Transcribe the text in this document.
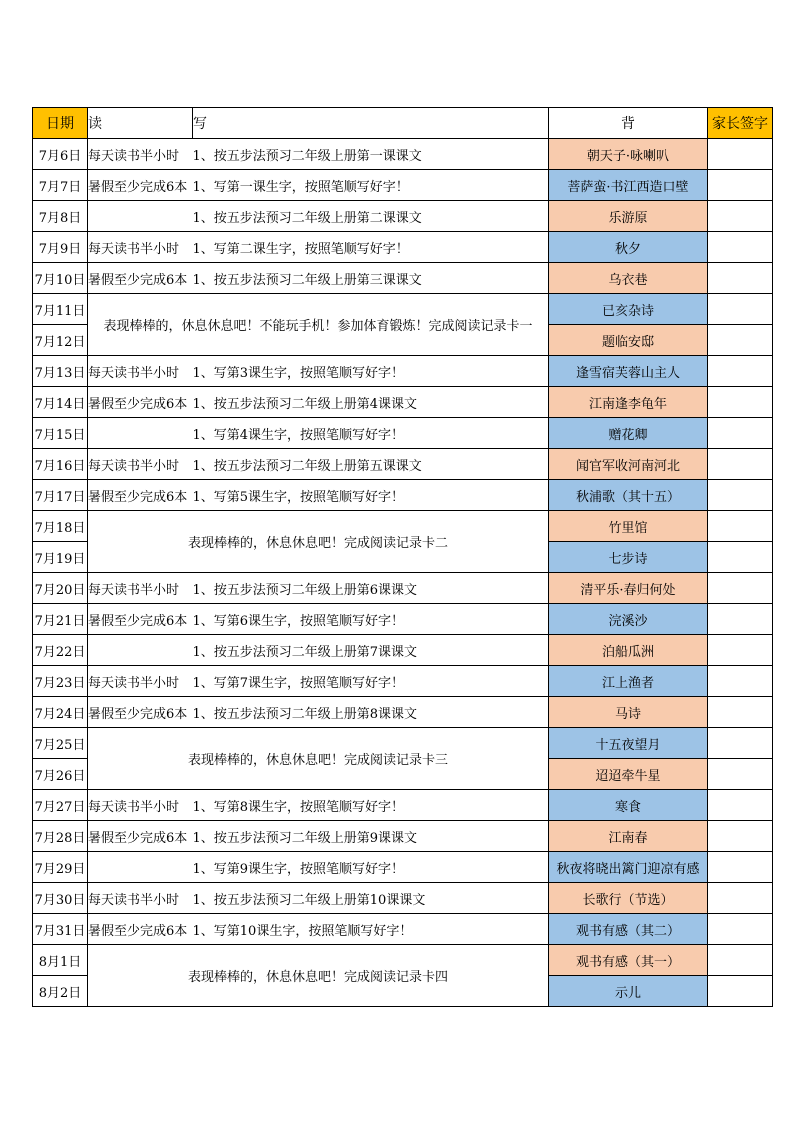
日期	读	写	背	家长签字
7月6日	每天读书半小时	1、按五步法预习二年级上册第一课课文	朝天子·咏喇叭	
7月7日	暑假至少完成6本	1、写第一课生字，按照笔顺写好字！	菩萨蛮·书江西造口壁	
7月8日		1、按五步法预习二年级上册第二课课文	乐游原	
7月9日	每天读书半小时	1、写第二课生字，按照笔顺写好字！	秋夕	
7月10日	暑假至少完成6本	1、按五步法预习二年级上册第三课课文	乌衣巷	
7月11日	表现棒棒的，休息休息吧！不能玩手机！参加体育锻炼！完成阅读记录卡一		已亥杂诗	
7月12日			题临安邸	
7月13日	每天读书半小时	1、写第3课生字，按照笔顺写好字！	逢雪宿芙蓉山主人	
7月14日	暑假至少完成6本	1、按五步法预习二年级上册第4课课文	江南逢李龟年	
7月15日		1、写第4课生字，按照笔顺写好字！	赠花卿	
7月16日	每天读书半小时	1、按五步法预习二年级上册第五课课文	闻官军收河南河北	
7月17日	暑假至少完成6本	1、写第5课生字，按照笔顺写好字！	秋浦歌（其十五）	
7月18日	表现棒棒的，休息休息吧！完成阅读记录卡二		竹里馆	
7月19日			七步诗	
7月20日	每天读书半小时	1、按五步法预习二年级上册第6课课文	清平乐·春归何处	
7月21日	暑假至少完成6本	1、写第6课生字，按照笔顺写好字！	浣溪沙	
7月22日		1、按五步法预习二年级上册第7课课文	泊船瓜洲	
7月23日	每天读书半小时	1、写第7课生字，按照笔顺写好字！	江上渔者	
7月24日	暑假至少完成6本	1、按五步法预习二年级上册第8课课文	马诗	
7月25日	表现棒棒的，休息休息吧！完成阅读记录卡三		十五夜望月	
7月26日			迢迢牵牛星	
7月27日	每天读书半小时	1、写第8课生字，按照笔顺写好字！	寒食	
7月28日	暑假至少完成6本	1、按五步法预习二年级上册第9课课文	江南春	
7月29日		1、写第9课生字，按照笔顺写好字！	秋夜将晓出篱门迎凉有感	
7月30日	每天读书半小时	1、按五步法预习二年级上册第10课课文	长歌行（节选）	
7月31日	暑假至少完成6本	1、写第10课生字，按照笔顺写好字！	观书有感（其二）	
8月1日	表现棒棒的，休息休息吧！完成阅读记录卡四		观书有感（其一）	
8月2日			示儿	
